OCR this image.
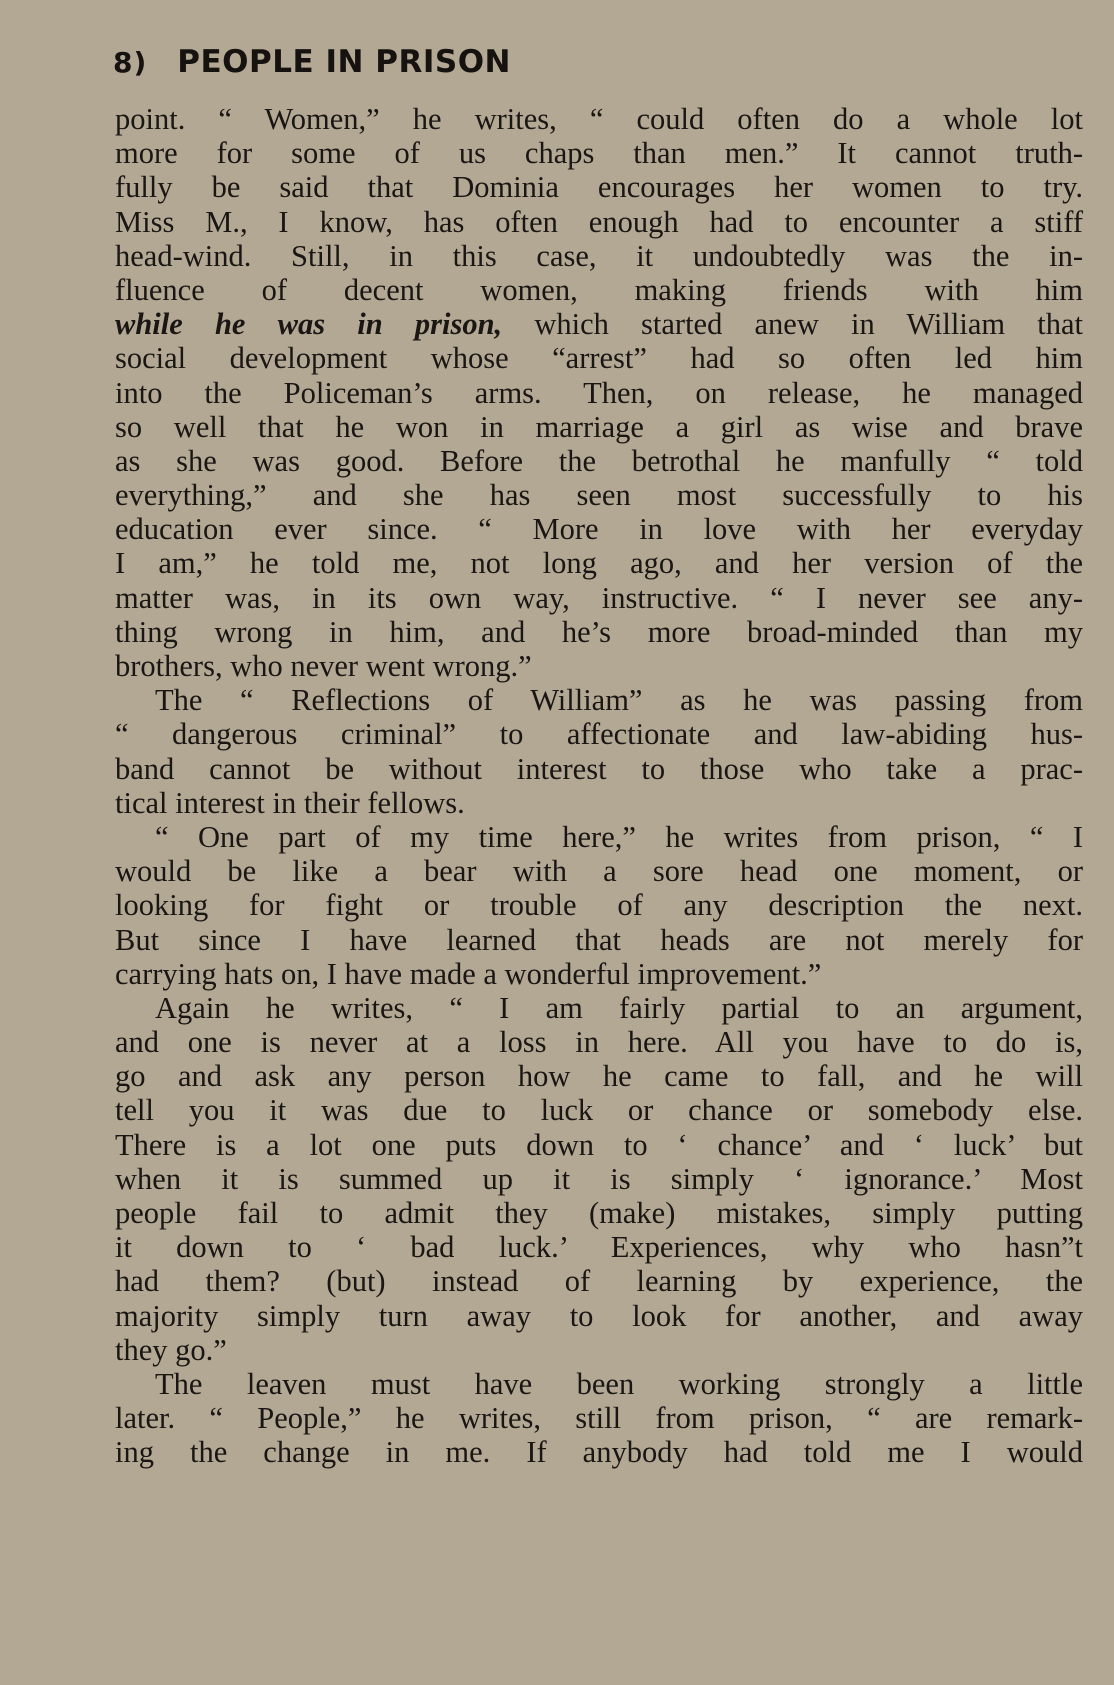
8) PEOPLE IN PRISON
point. “ Women,” he writes, “ could often do a whole lot
more for some of us chaps than men.” It cannot truth-
fully be said that Dominia encourages her women to try.
Miss M., I know, has often enough had to encounter a stiff
head-wind. Still, in this case, it undoubtedly was the in-
fluence of decent women, making friends with him
while he was in prison, which started anew in William that
social development whose “arrest” had so often led him
into the Policeman’s arms. Then, on release, he managed
so well that he won in marriage a girl as wise and brave
as she was good. Before the betrothal he manfully “ told
everything,” and she has seen most successfully to his
education ever since. “ More in love with her everyday
I am,” he told me, not long ago, and her version of the
matter was, in its own way, instructive. “ I never see any-
thing wrong in him, and he’s more broad-minded than my
brothers, who never went wrong.”
The “ Reflections of William” as he was passing from
“ dangerous criminal” to affectionate and law-abiding hus-
band cannot be without interest to those who take a prac-
tical interest in their fellows.
“ One part of my time here,” he writes from prison, “ I
would be like a bear with a sore head one moment, or
looking for fight or trouble of any description the next.
But since I have learned that heads are not merely for
carrying hats on, I have made a wonderful improvement.”
Again he writes, “ I am fairly partial to an argument,
and one is never at a loss in here. All you have to do is,
go and ask any person how he came to fall, and he will
tell you it was due to luck or chance or somebody else.
There is a lot one puts down to ‘ chance’ and ‘ luck’ but
when it is summed up it is simply ‘ ignorance.’ Most
people fail to admit they (make) mistakes, simply putting
it down to ‘ bad luck.’ Experiences, why who hasn”t
had them? (but) instead of learning by experience, the
majority simply turn away to look for another, and away
they go.”
The leaven must have been working strongly a little
later. “ People,” he writes, still from prison, “ are remark-
ing the change in me. If anybody had told me I would
